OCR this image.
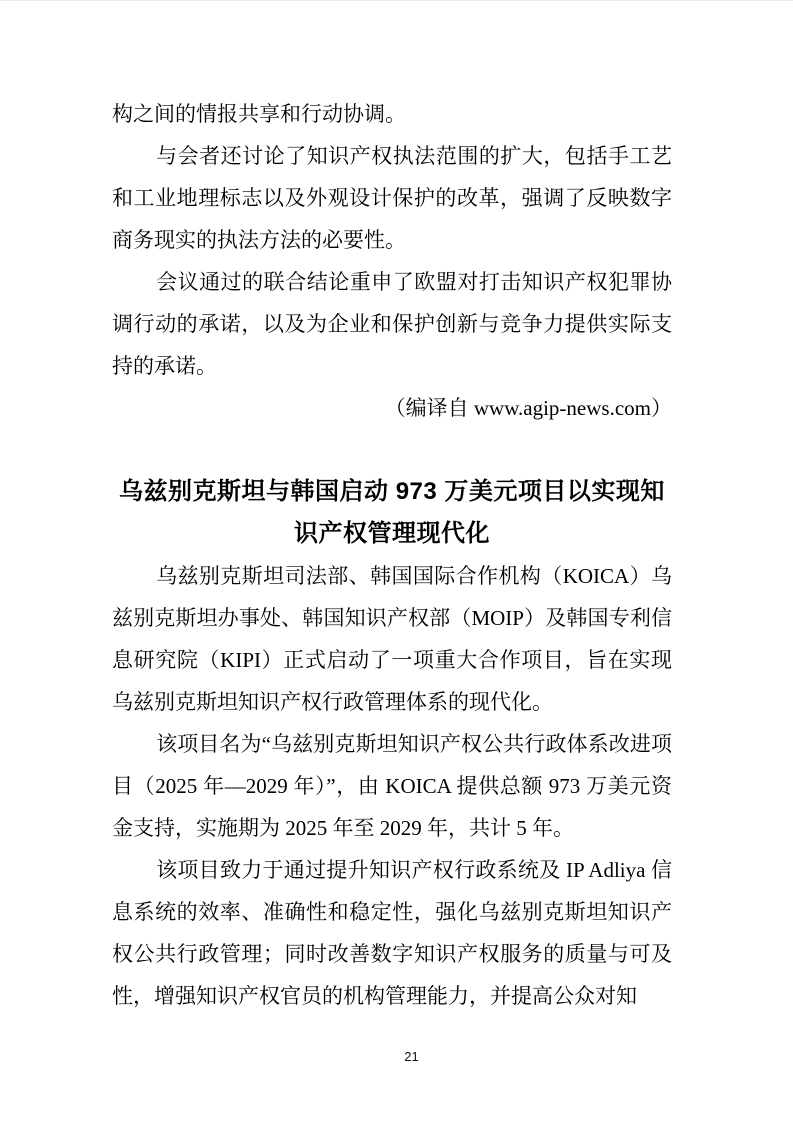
构之间的情报共享和行动协调。

与会者还讨论了知识产权执法范围的扩大，包括手工艺和工业地理标志以及外观设计保护的改革，强调了反映数字商务现实的执法方法的必要性。

会议通过的联合结论重申了欧盟对打击知识产权犯罪协调行动的承诺，以及为企业和保护创新与竞争力提供实际支持的承诺。

（编译自 www.agip-news.com）

乌兹别克斯坦与韩国启动 973 万美元项目以实现知识产权管理现代化

乌兹别克斯坦司法部、韩国国际合作机构（KOICA）乌兹别克斯坦办事处、韩国知识产权部（MOIP）及韩国专利信息研究院（KIPI）正式启动了一项重大合作项目，旨在实现乌兹别克斯坦知识产权行政管理体系的现代化。

该项目名为“乌兹别克斯坦知识产权公共行政体系改进项目（2025 年—2029 年）”，由 KOICA 提供总额 973 万美元资金支持，实施期为 2025 年至 2029 年，共计 5 年。

该项目致力于通过提升知识产权行政系统及 IP Adliya 信息系统的效率、准确性和稳定性，强化乌兹别克斯坦知识产权公共行政管理；同时改善数字知识产权服务的质量与可及性，增强知识产权官员的机构管理能力，并提高公众对知

21
